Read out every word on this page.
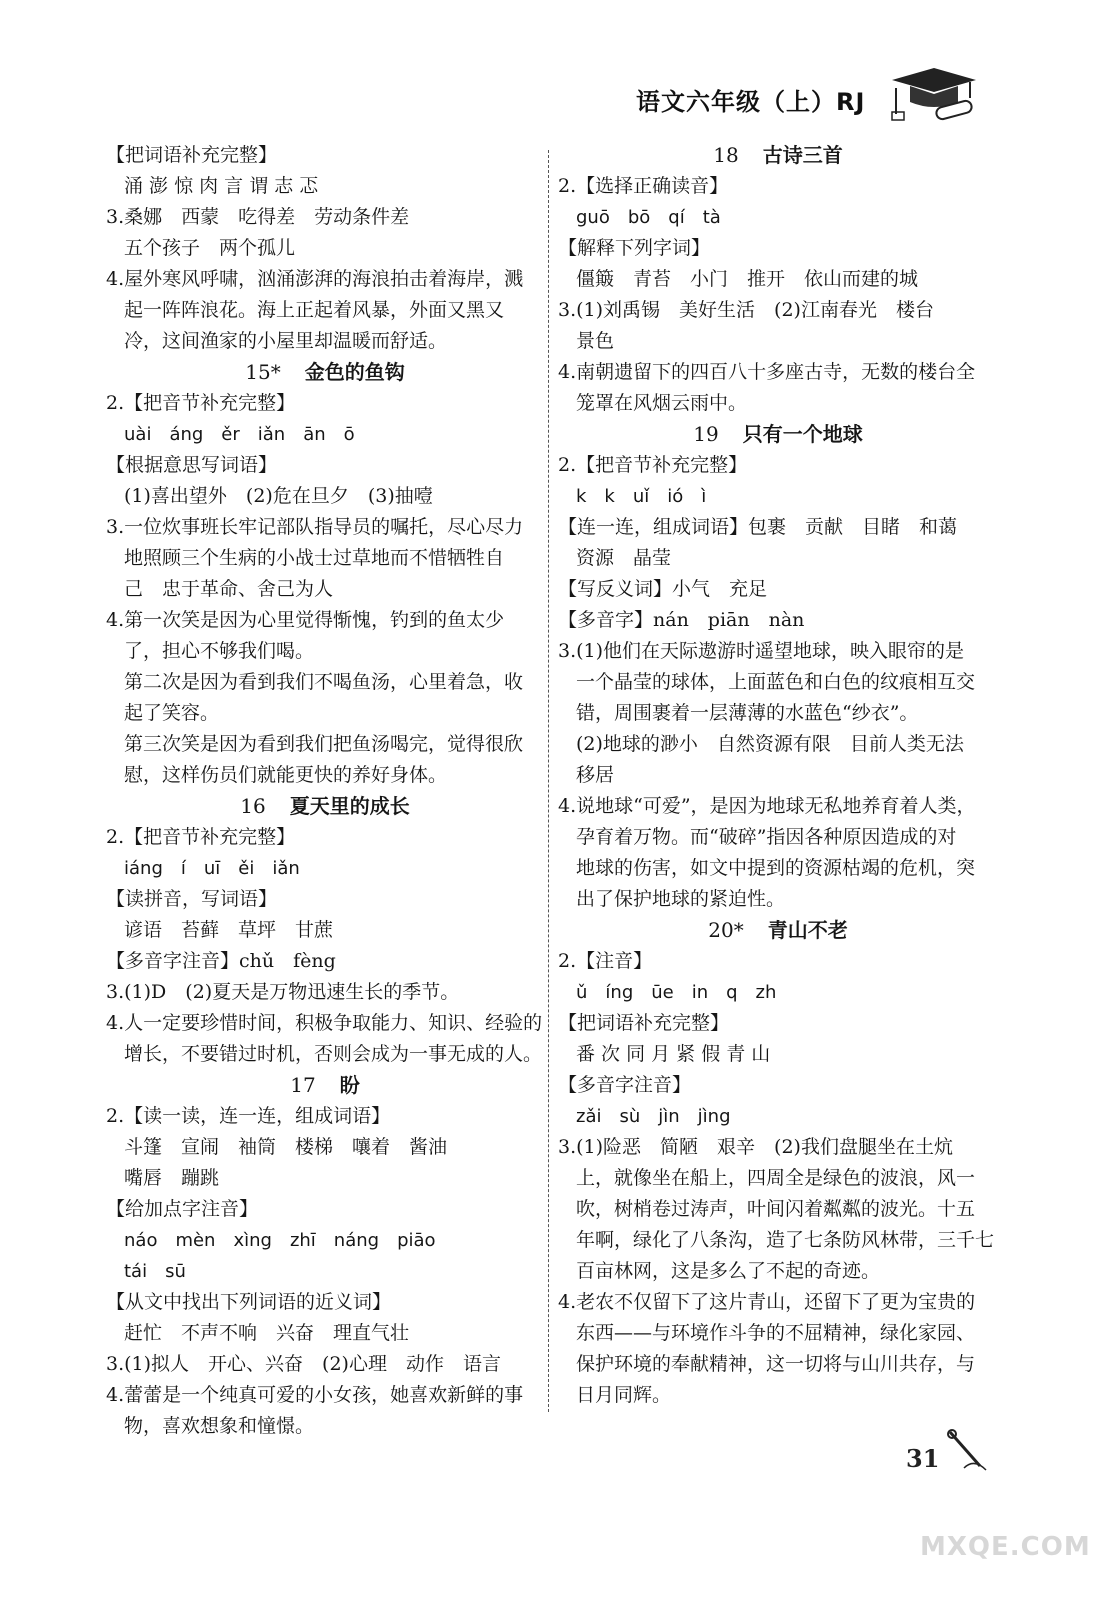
语文六年级（上）RJ
【把词语补充完整】
涌 澎 惊 肉 言 谓 志 忑
3.桑娜　西蒙　吃得差　劳动条件差
五个孩子　两个孤儿
4.屋外寒风呼啸，汹涌澎湃的海浪拍击着海岸，溅
起一阵阵浪花。海上正起着风暴，外面又黑又
冷，这间渔家的小屋里却温暖而舒适。
15* 金色的鱼钩
2.【把音节补充完整】
uài　áng　ěr　iǎn　ān　ō
【根据意思写词语】
(1)喜出望外　(2)危在旦夕　(3)抽噎
3.一位炊事班长牢记部队指导员的嘱托，尽心尽力
地照顾三个生病的小战士过草地而不惜牺牲自
己　忠于革命、舍己为人
4.第一次笑是因为心里觉得惭愧，钓到的鱼太少
了，担心不够我们喝。
第二次是因为看到我们不喝鱼汤，心里着急，收
起了笑容。
第三次笑是因为看到我们把鱼汤喝完，觉得很欣
慰，这样伤员们就能更快的养好身体。
16 夏天里的成长
2.【把音节补充完整】
iáng　í　uī　ěi　iǎn
【读拼音，写词语】
谚语　苔藓　草坪　甘蔗
【多音字注音】chǔ　fèng
3.(1)D　(2)夏天是万物迅速生长的季节。
4.人一定要珍惜时间，积极争取能力、知识、经验的
增长，不要错过时机，否则会成为一事无成的人。
17 盼
2.【读一读，连一连，组成词语】
斗篷　宣闹　袖筒　楼梯　嚷着　酱油
嘴唇　蹦跳
【给加点字注音】
náo　mèn　xìng　zhī　náng　piāo
tái　sū
【从文中找出下列词语的近义词】
赶忙　不声不响　兴奋　理直气壮
3.(1)拟人　开心、兴奋　(2)心理　动作　语言
4.蕾蕾是一个纯真可爱的小女孩，她喜欢新鲜的事
物，喜欢想象和憧憬。
18 古诗三首
2.【选择正确读音】
guō　bō　qí　tà
【解释下列字词】
僵簸　青苔　小门　推开　依山而建的城
3.(1)刘禹锡　美好生活　(2)江南春光　楼台
景色
4.南朝遗留下的四百八十多座古寺，无数的楼台全
笼罩在风烟云雨中。
19 只有一个地球
2.【把音节补充完整】
k　k　uǐ　ió　ì
【连一连，组成词语】包裹　贡献　目睹　和蔼
资源　晶莹
【写反义词】小气　充足
【多音字】nán　piān　nàn
3.(1)他们在天际遨游时遥望地球，映入眼帘的是
一个晶莹的球体，上面蓝色和白色的纹痕相互交
错，周围裹着一层薄薄的水蓝色“纱衣”。
(2)地球的渺小　自然资源有限　目前人类无法
移居
4.说地球“可爱”，是因为地球无私地养育着人类，
孕育着万物。而“破碎”指因各种原因造成的对
地球的伤害，如文中提到的资源枯竭的危机，突
出了保护地球的紧迫性。
20* 青山不老
2.【注音】
ǔ　íng　ūe　in　q　zh
【把词语补充完整】
番 次 同 月 紧 假 青 山
【多音字注音】
zǎi　sù　jìn　jìng
3.(1)险恶　简陋　艰辛　(2)我们盘腿坐在土炕
上，就像坐在船上，四周全是绿色的波浪，风一
吹，树梢卷过涛声，叶间闪着粼粼的波光。十五
年啊，绿化了八条沟，造了七条防风林带，三千七
百亩林网，这是多么了不起的奇迹。
4.老农不仅留下了这片青山，还留下了更为宝贵的
东西——与环境作斗争的不屈精神，绿化家园、
保护环境的奉献精神，这一切将与山川共存，与
日月同辉。
31
MXQE.COM
